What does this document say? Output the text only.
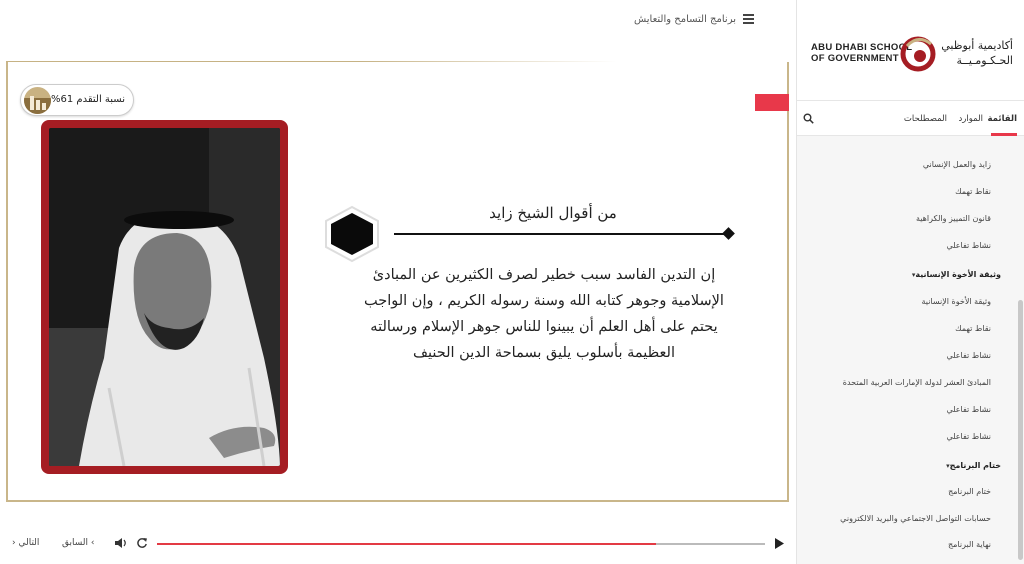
برنامج التسامح والتعايش
نسبة التقدم 61%
من أقوال الشيخ زايد
إن التدين الفاسد سبب خطير لصرف الكثيرين عن المبادئ الإسلامية وجوهر كتابه الله وسنة رسوله الكريم ، وإن الواجب يحتم على أهل العلم أن يبينوا للناس جوهر الإسلام ورسالته العظيمة بأسلوب يليق بسماحة الدين الحنيف
التالي ‹	› السابق
ABU DHABI SCHOOL
OF GOVERNMENT
أكاديمية أبوظبي
الحـكـومـيــة
القائمة
الموارد
المصطلحات
زايد والعمل الإنساني
نقاط تهمك
قانون التمييز والكراهية
نشاط تفاعلي
وثيقة الأخوة الإنسانية▾
وثيقة الأخوة الإنسانية
نقاط تهمك
نشاط تفاعلي
المبادئ العشر لدولة الإمارات العربية المتحدة
نشاط تفاعلي
نشاط تفاعلي
ختام البرنامج▾
ختام البرنامج
حسابات التواصل الاجتماعي والبريد الالكتروني
نهاية البرنامج
